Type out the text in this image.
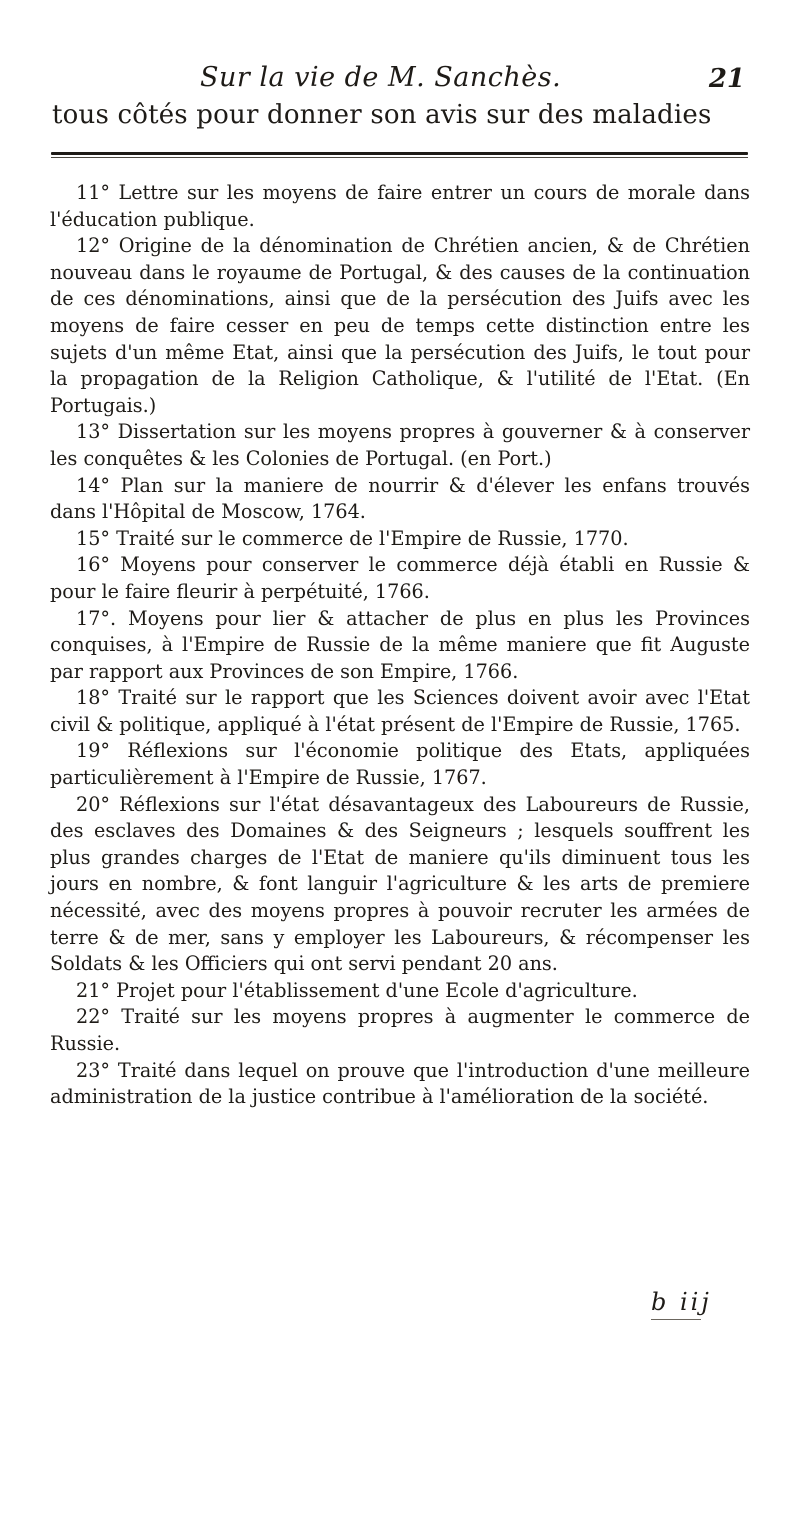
Sur la vie de M. Sanchès.	21
tous côtés pour donner son avis sur des maladies
11° Lettre sur les moyens de faire entrer un cours de morale dans l'éducation publique.
12° Origine de la dénomination de Chrétien ancien, & de Chrétien nouveau dans le royaume de Portugal, & des causes de la continuation de ces dénominations, ainsi que de la persécution des Juifs avec les moyens de faire cesser en peu de temps cette distinction entre les sujets d'un même Etat, ainsi que la persécution des Juifs, le tout pour la propagation de la Religion Catholique, & l'utilité de l'Etat. (En Portugais.)
13° Dissertation sur les moyens propres à gouverner & à conserver les conquêtes & les Colonies de Portugal. (en Port.)
14° Plan sur la maniere de nourrir & d'élever les enfans trouvés dans l'Hôpital de Moscow, 1764.
15° Traité sur le commerce de l'Empire de Russie, 1770.
16° Moyens pour conserver le commerce déjà établi en Russie & pour le faire fleurir à perpétuité, 1766.
17°. Moyens pour lier & attacher de plus en plus les Provinces conquises, à l'Empire de Russie de la même maniere que fit Auguste par rapport aux Provinces de son Empire, 1766.
18° Traité sur le rapport que les Sciences doivent avoir avec l'Etat civil & politique, appliqué à l'état présent de l'Empire de Russie, 1765.
19° Réflexions sur l'économie politique des Etats, appliquées particulièrement à l'Empire de Russie, 1767.
20° Réflexions sur l'état désavantageux des Laboureurs de Russie, des esclaves des Domaines & des Seigneurs ; lesquels souffrent les plus grandes charges de l'Etat de maniere qu'ils diminuent tous les jours en nombre, & font languir l'agriculture & les arts de premiere nécessité, avec des moyens propres à pouvoir recruter les armées de terre & de mer, sans y employer les Laboureurs, & récompenser les Soldats & les Officiers qui ont servi pendant 20 ans.
21° Projet pour l'établissement d'une Ecole d'agriculture.
22° Traité sur les moyens propres à augmenter le commerce de Russie.
23° Traité dans lequel on prouve que l'introduction d'une meilleure administration de la justice contribue à l'amélioration de la société.
b iij
